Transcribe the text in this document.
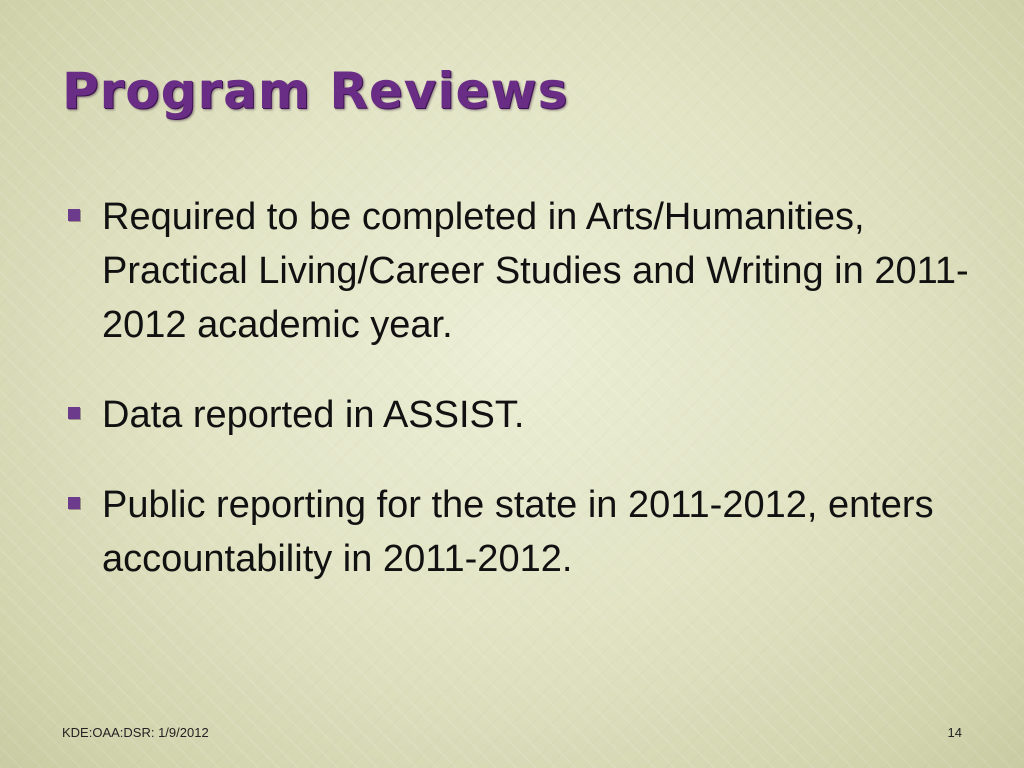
Program Reviews
Required to be completed in Arts/Humanities, Practical Living/Career Studies and Writing in 2011-2012 academic year.
Data reported in ASSIST.
Public reporting for the state in 2011-2012, enters accountability in 2011-2012.
KDE:OAA:DSR: 1/9/2012	14
